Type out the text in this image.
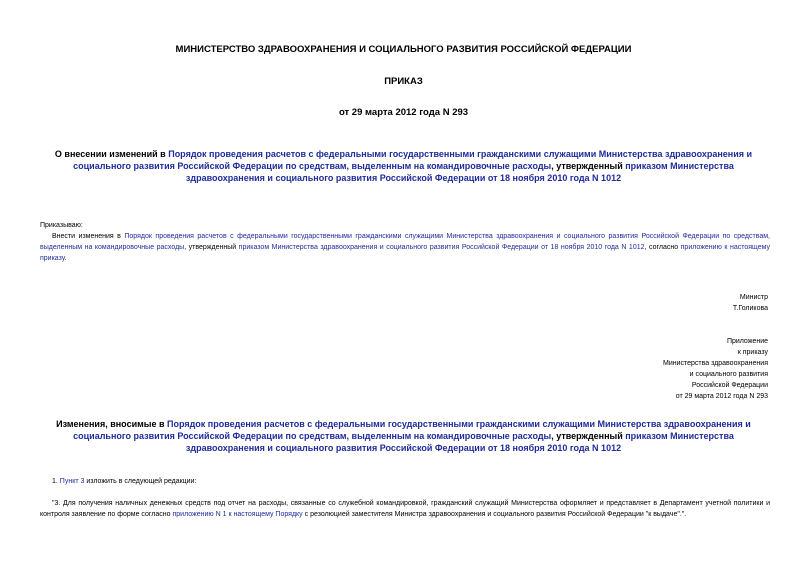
МИНИСТЕРСТВО ЗДРАВООХРАНЕНИЯ И СОЦИАЛЬНОГО РАЗВИТИЯ РОССИЙСКОЙ ФЕДЕРАЦИИ
ПРИКАЗ
от 29 марта 2012 года N 293
О внесении изменений в Порядок проведения расчетов с федеральными государственными гражданскими служащими Министерства здравоохранения и социального развития Российской Федерации по средствам, выделенным на командировочные расходы, утвержденный приказом Министерства здравоохранения и социального развития Российской Федерации от 18 ноября 2010 года N 1012
Приказываю:
Внести изменения в Порядок проведения расчетов с федеральными государственными гражданскими служащими Министерства здравоохранения и социального развития Российской Федерации по средствам, выделенным на командировочные расходы, утвержденный приказом Министерства здравоохранения и социального развития Российской Федерации от 18 ноября 2010 года N 1012, согласно приложению к настоящему приказу.
Министр
Т.Голикова
Приложение
к приказу
Министерства здравоохранения
и социального развития
Российской Федерации
от 29 марта 2012 года N 293
Изменения, вносимые в Порядок проведения расчетов с федеральными государственными гражданскими служащими Министерства здравоохранения и социального развития Российской Федерации по средствам, выделенным на командировочные расходы, утвержденный приказом Министерства здравоохранения и социального развития Российской Федерации от 18 ноября 2010 года N 1012
1. Пункт 3 изложить в следующей редакции:
"3. Для получения наличных денежных средств под отчет на расходы, связанные со служебной командировкой, гражданский служащий Министерства оформляет и представляет в Департамент учетной политики и контроля заявление по форме согласно приложению N 1 к настоящему Порядку с резолюцией заместителя Министра здравоохранения и социального развития Российской Федерации "к выдаче".".
